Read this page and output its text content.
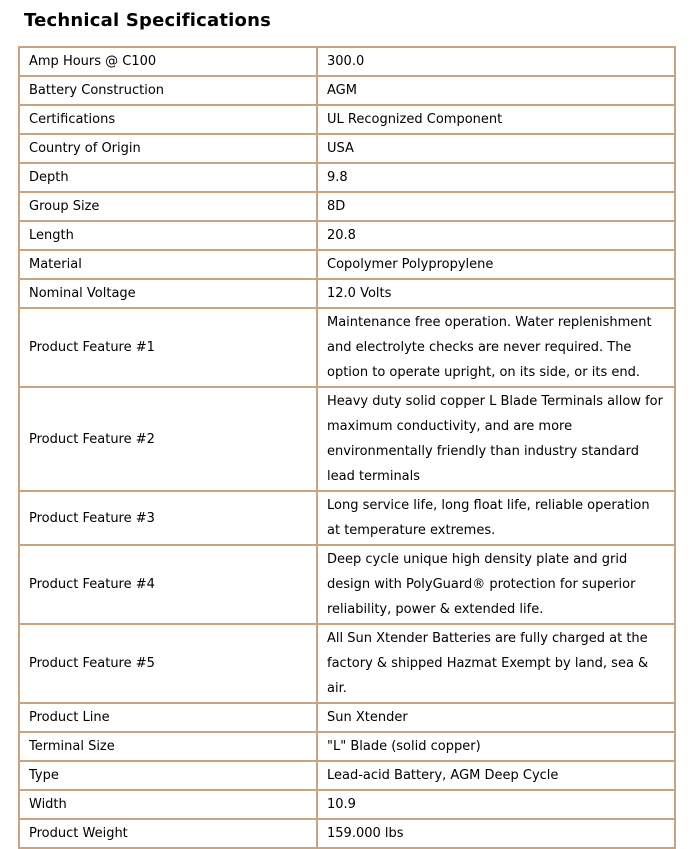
Technical Specifications
Amp Hours @ C100	300.0
Battery Construction	AGM
Certifications	UL Recognized Component
Country of Origin	USA
Depth	9.8
Group Size	8D
Length	20.8
Material	Copolymer Polypropylene
Nominal Voltage	12.0 Volts
Product Feature #1	Maintenance free operation. Water replenishment and electrolyte checks are never required. The option to operate upright, on its side, or its end.
Product Feature #2	Heavy duty solid copper L Blade Terminals allow for maximum conductivity, and are more environmentally friendly than industry standard lead terminals
Product Feature #3	Long service life, long float life, reliable operation at temperature extremes.
Product Feature #4	Deep cycle unique high density plate and grid design with PolyGuard® protection for superior reliability, power & extended life.
Product Feature #5	All Sun Xtender Batteries are fully charged at the factory & shipped Hazmat Exempt by land, sea & air.
Product Line	Sun Xtender
Terminal Size	"L" Blade (solid copper)
Type	Lead-acid Battery, AGM Deep Cycle
Width	10.9
Product Weight	159.000 lbs
